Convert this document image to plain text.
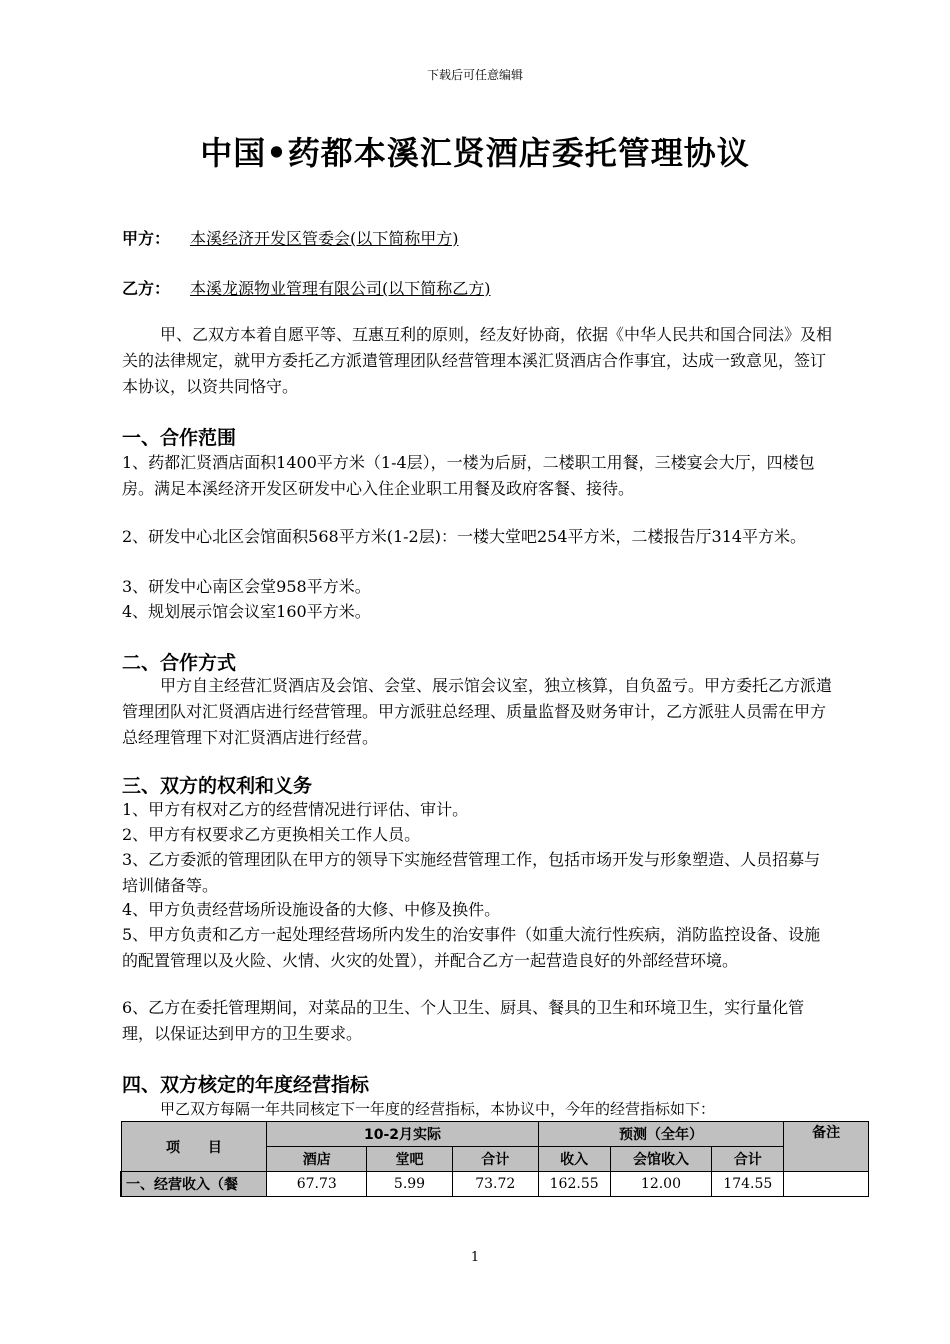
下载后可任意编辑
中国•药都本溪汇贤酒店委托管理协议
甲方： 本溪经济开发区管委会(以下简称甲方)
乙方： 本溪龙源物业管理有限公司(以下简称乙方)
甲、乙双方本着自愿平等、互惠互利的原则，经友好协商，依据《中华人民共和国合同法》及相关的法律规定，就甲方委托乙方派遣管理团队经营管理本溪汇贤酒店合作事宜，达成一致意见，签订本协议，以资共同恪守。
一、合作范围
1、药都汇贤酒店面积1400平方米（1-4层），一楼为后厨，二楼职工用餐，三楼宴会大厅，四楼包房。满足本溪经济开发区研发中心入住企业职工用餐及政府客餐、接待。
2、研发中心北区会馆面积568平方米(1-2层)：一楼大堂吧254平方米，二楼报告厅314平方米。
3、研发中心南区会堂958平方米。
4、规划展示馆会议室160平方米。
二、合作方式
甲方自主经营汇贤酒店及会馆、会堂、展示馆会议室，独立核算，自负盈亏。甲方委托乙方派遣管理团队对汇贤酒店进行经营管理。甲方派驻总经理、质量监督及财务审计，乙方派驻人员需在甲方总经理管理下对汇贤酒店进行经营。
三、双方的权利和义务
1、甲方有权对乙方的经营情况进行评估、审计。
2、甲方有权要求乙方更换相关工作人员。
3、乙方委派的管理团队在甲方的领导下实施经营管理工作，包括市场开发与形象塑造、人员招募与培训储备等。
4、甲方负责经营场所设施设备的大修、中修及换件。
5、甲方负责和乙方一起处理经营场所内发生的治安事件（如重大流行性疾病，消防监控设备、设施的配置管理以及火险、火情、火灾的处置），并配合乙方一起营造良好的外部经营环境。
6、乙方在委托管理期间，对菜品的卫生、个人卫生、厨具、餐具的卫生和环境卫生，实行量化管理，以保证达到甲方的卫生要求。
四、双方核定的年度经营指标
甲乙双方每隔一年共同核定下一年度的经营指标，本协议中，今年的经营指标如下：
项　　目	10-2月实际			预测（全年）			备注
	酒店	堂吧	合计	收入	会馆收入	合计	
一、经营收入（餐	67.73	5.99	73.72	162.55	12.00	174.55	
1
